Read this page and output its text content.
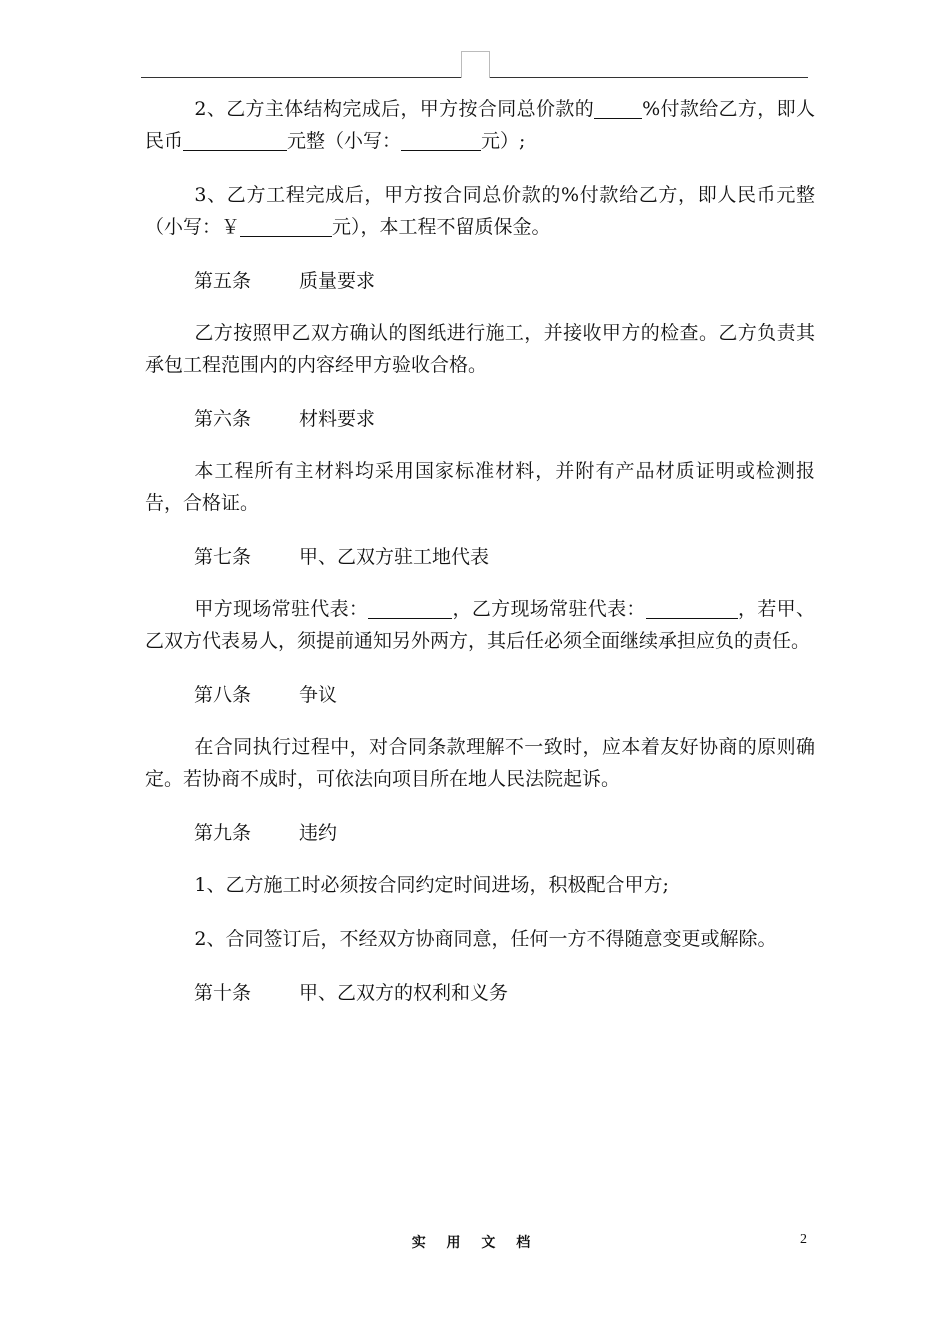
2、乙方主体结构完成后，甲方按合同总价款的	%付款给乙方，即人民币	元整（小写：	元）;

3、乙方工程完成后，甲方按合同总价款的%付款给乙方，即人民币元整（小写：￥	元），本工程不留质保金。

第五条	质量要求

乙方按照甲乙双方确认的图纸进行施工，并接收甲方的检查。乙方负责其承包工程范围内的内容经甲方验收合格。

第六条	材料要求

本工程所有主材料均采用国家标准材料，并附有产品材质证明或检测报告，合格证。

第七条	甲、乙双方驻工地代表

甲方现场常驻代表：	，乙方现场常驻代表：	，若甲、乙双方代表易人，须提前通知另外两方，其后任必须全面继续承担应负的责任。

第八条	争议

在合同执行过程中，对合同条款理解不一致时，应本着友好协商的原则确定。若协商不成时，可依法向项目所在地人民法院起诉。

第九条	违约

1、乙方施工时必须按合同约定时间进场，积极配合甲方;

2、合同签订后，不经双方协商同意，任何一方不得随意变更或解除。

第十条	甲、乙双方的权利和义务
实 用 文 档	2
